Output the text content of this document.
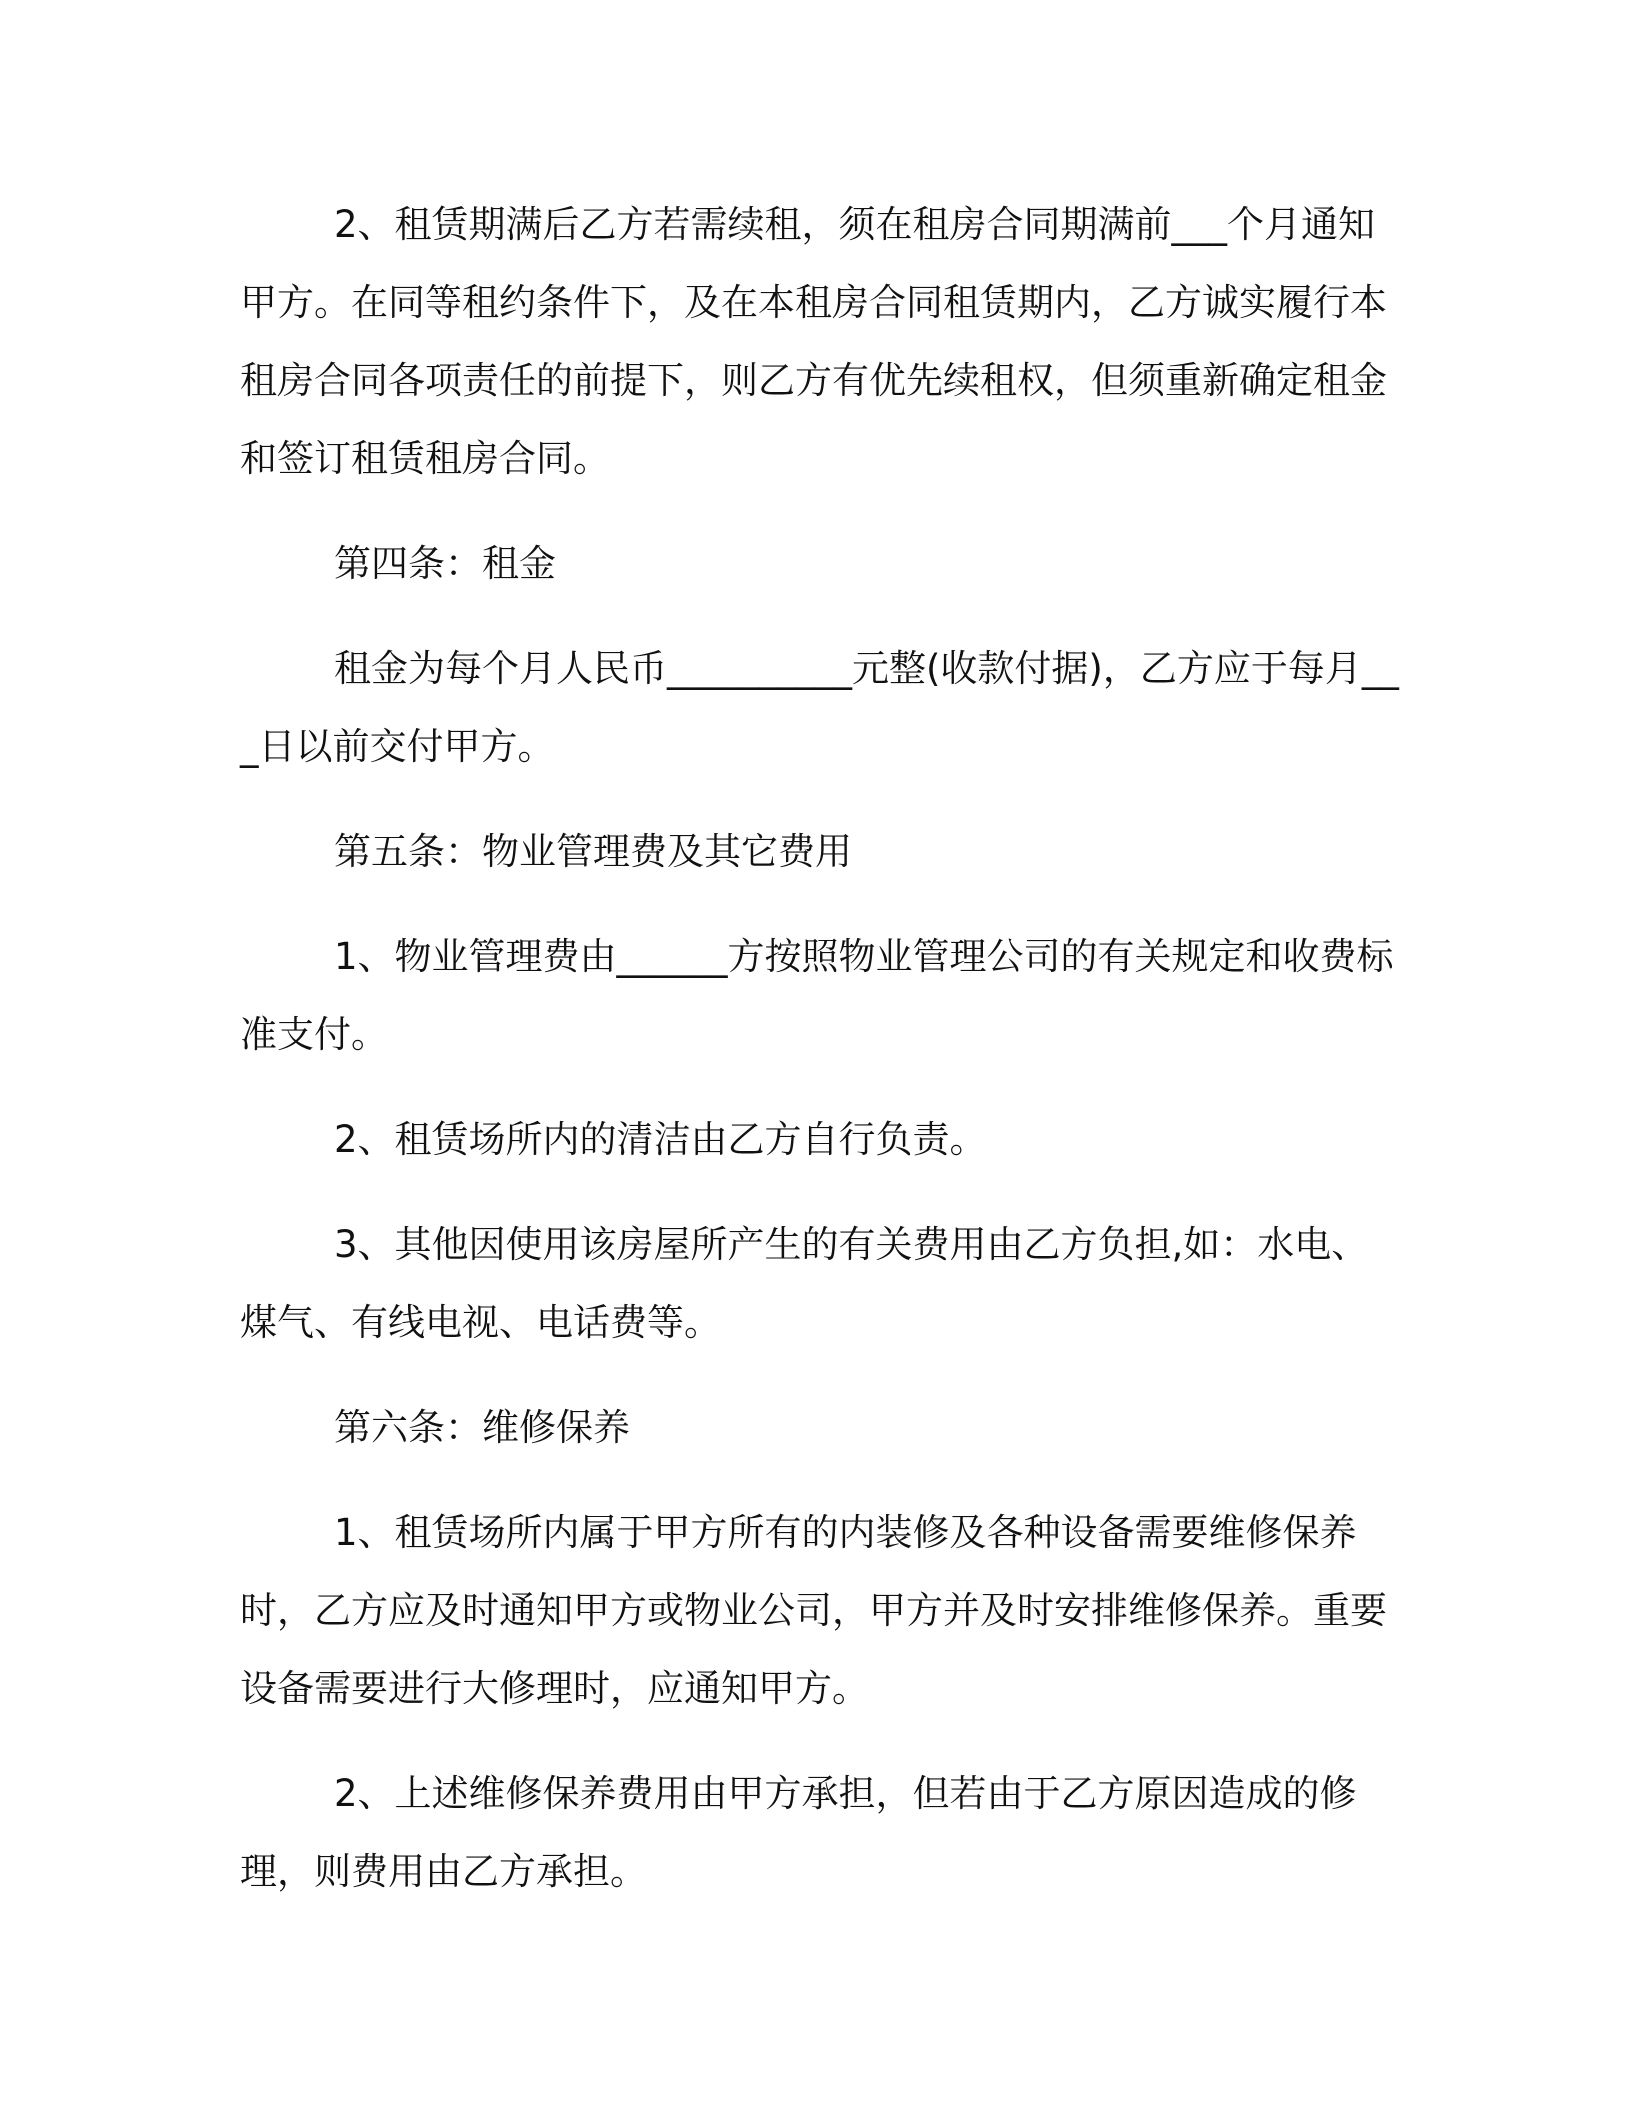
2、租赁期满后乙方若需续租，须在租房合同期满前___个月通知甲方。在同等租约条件下，及在本租房合同租赁期内，乙方诚实履行本租房合同各项责任的前提下，则乙方有优先续租权，但须重新确定租金和签订租赁租房合同。

第四条：租金

租金为每个月人民币__________元整(收款付据)，乙方应于每月___日以前交付甲方。

第五条：物业管理费及其它费用

1、物业管理费由______方按照物业管理公司的有关规定和收费标准支付。

2、租赁场所内的清洁由乙方自行负责。

3、其他因使用该房屋所产生的有关费用由乙方负担,如：水电、煤气、有线电视、电话费等。

第六条：维修保养

1、租赁场所内属于甲方所有的内装修及各种设备需要维修保养时，乙方应及时通知甲方或物业公司，甲方并及时安排维修保养。重要设备需要进行大修理时，应通知甲方。

2、上述维修保养费用由甲方承担，但若由于乙方原因造成的修理，则费用由乙方承担。
